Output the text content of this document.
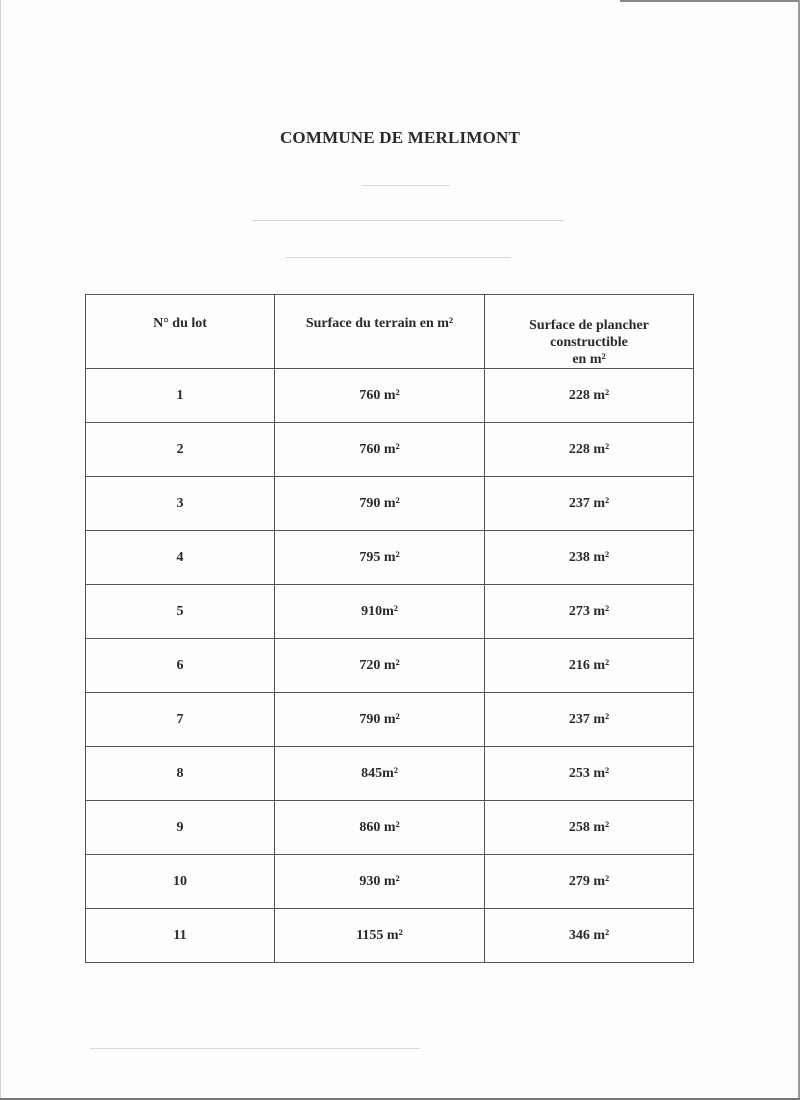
COMMUNE DE MERLIMONT
N° du lot	Surface du terrain en m²	Surface de plancher
constructible
en m²

1	760 m²	228 m²
2	760 m²	228 m²
3	790 m²	237 m²
4	795 m²	238 m²
5	910m²	273 m²
6	720 m²	216 m²
7	790 m²	237 m²
8	845m²	253 m²
9	860 m²	258 m²
10	930 m²	279 m²
11	1155 m²	346 m²
